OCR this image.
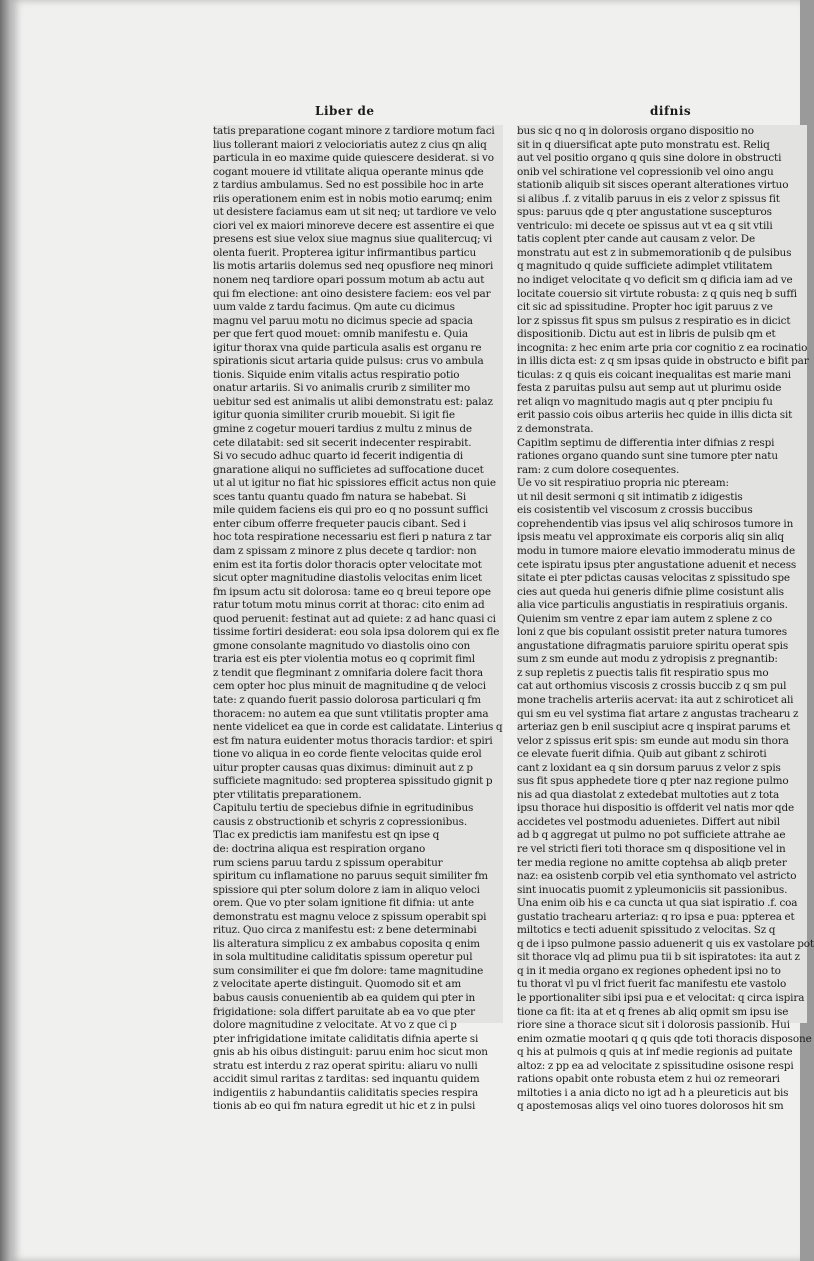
Liber de	difnis
tatis preparatione cogant minore z tardiore motum faci
lius tollerant maiori z velocioriatis autez z cius qn aliq
particula in eo maxime quide quiescere desiderat. si vo
cogant mouere id vtilitate aliqua operante minus qde
z tardius ambulamus. Sed no est possibile hoc in arte
riis operationem enim est in nobis motio earumq; enim
ut desistere faciamus eam ut sit neq; ut tardiore ve velo
ciori vel ex maiori minoreve decere est assentire ei que
presens est siue velox siue magnus siue qualitercuq; vi
olenta fuerit. Propterea igitur infirmantibus particu
lis motis artariis dolemus sed neq opusfiore neq minori
nonem neq tardiore opari possum motum ab actu aut
qui fm electione: ant oino desistere faciem: eos vel par
uum valde z tardu facimus. Qm aute cu dicimus
magnu vel paruu motu no dicimus specie ad spacia
per que fert quod mouet: omnib manifestu e. Quia
igitur thorax vna quide particula asalis est organu re
spirationis sicut artaria quide pulsus: crus vo ambula
tionis. Siquide enim vitalis actus respiratio potio
onatur artariis. Si vo animalis crurib z similiter mo
uebitur sed est animalis ut alibi demonstratu est: palaz
igitur quonia similiter crurib mouebit. Si igit fie
gmine z cogetur moueri tardius z multu z minus de
cete dilatabit: sed sit secerit indecenter respirabit.
Si vo secudo adhuc quarto id fecerit indigentia di
gnaratione aliqui no sufficietes ad suffocatione ducet
ut al ut igitur no fiat hic spissiores efficit actus non quie
sces tantu quantu quado fm natura se habebat. Si
mile quidem faciens eis qui pro eo q no possunt suffici
enter cibum offerre frequeter paucis cibant. Sed i
hoc tota respiratione necessariu est fieri p natura z tar
dam z spissam z minore z plus decete q tardior: non
enim est ita fortis dolor thoracis opter velocitate mot
sicut opter magnitudine diastolis velocitas enim licet
fm ipsum actu sit dolorosa: tame eo q breui tepore ope
ratur totum motu minus corrit at thorac: cito enim ad
quod peruenit: festinat aut ad quiete: z ad hanc quasi ci
tissime fortiri desiderat: eou sola ipsa dolorem qui ex fle
gmone consolante magnitudo vo diastolis oino con
traria est eis pter violentia motus eo q coprimit fiml
z tendit que flegminant z omnifaria dolere facit thora
cem opter hoc plus minuit de magnitudine q de veloci
tate: z quando fuerit passio dolorosa particulari q fm
thoracem: no autem ea que sunt vtilitatis propter ama
nente videlicet ea que in corde est calidatate. Linterius q
est fm natura euidenter motus thoracis tardior: et spiri
tione vo aliqua in eo corde fiente velocitas quide erol
uitur propter causas quas diximus: diminuit aut z p
sufficiete magnitudo: sed propterea spissitudo gignit p
pter vtilitatis preparationem.
Capitulu tertiu de speciebus difnie in egritudinibus
causis z obstructionib et schyris z copressionibus.
Tlac ex predictis iam manifestu est qn ipse q
de: doctrina aliqua est respiration organo
rum sciens paruu tardu z spissum operabitur
spiritum cu inflamatione no paruus sequit similiter fm
spissiore qui pter solum dolore z iam in aliquo veloci
orem. Que vo pter solam ignitione fit difnia: ut ante
demonstratu est magnu veloce z spissum operabit spi
rituz. Quo circa z manifestu est: z bene determinabi
lis alteratura simplicu z ex ambabus coposita q enim
in sola multitudine caliditatis spissum operetur pul
sum consimiliter ei que fm dolore: tame magnitudine
z velocitate aperte distinguit. Quomodo sit et am
babus causis conuenientib ab ea quidem qui pter in
frigidatione: sola differt paruitate ab ea vo que pter
dolore magnitudine z velocitate. At vo z que ci p
pter infrigidatione imitate caliditatis difnia aperte si
gnis ab his oibus distinguit: paruu enim hoc sicut mon
stratu est interdu z raz operat spiritu: aliaru vo nulli
accidit simul raritas z tarditas: sed inquantu quidem
indigentiis z habundantiis caliditatis species respira
tionis ab eo qui fm natura egredit ut hic et z in pulsi
bus sic q no q in dolorosis organo dispositio no
sit in q diuersificat apte puto monstratu est. Reliq
aut vel positio organo q quis sine dolore in obstructi
onib vel schiratione vel copressionib vel oino angu
stationib aliquib sit sisces operant alterationes virtuo
si alibus .f. z vitalib paruus in eis z velor z spissus fit
spus: paruus qde q pter angustatione suscepturos
ventriculo: mi decete oe spissus aut vt ea q sit vtili
tatis coplent pter cande aut causam z velor. De
monstratu aut est z in submemorationib q de pulsibus
q magnitudo q quide sufficiete adimplet vtilitatem
no indiget velocitate q vo deficit sm q dificia iam ad ve
locitate couersio sit virtute robusta: z q quis neq b suffi
cit sic ad spissitudine. Propter hoc igit paruus z ve
lor z spissus fit spus sm pulsus z respiratio es in dicict
dispositionib. Dictu aut est in libris de pulsib qm et
incognita: z hec enim arte pria cor cognitio z ea rocinatio
in illis dicta est: z q sm ipsas quide in obstructo e bifit par
ticulas: z q quis eis coicant inequalitas est marie mani
festa z paruitas pulsu aut semp aut ut plurimu oside
ret aliqn vo magnitudo magis aut q pter pncipiu fu
erit passio cois oibus arteriis hec quide in illis dicta sit
z demonstrata.
Capitlm septimu de differentia inter difnias z respi
rationes organo quando sunt sine tumore pter natu
ram: z cum dolore cosequentes.
Ue vo sit respiratiuo propria nic pteream:
ut nil desit sermoni q sit intimatib z idigestis
eis cosistentib vel viscosum z crossis buccibus
coprehendentib vias ipsus vel aliq schirosos tumore in
ipsis meatu vel approximate eis corporis aliq sin aliq
modu in tumore maiore elevatio immoderatu minus de
cete ispiratu ipsus pter angustatione aduenit et necess
sitate ei pter pdictas causas velocitas z spissitudo spe
cies aut queda hui generis difnie plime cosistunt alis
alia vice particulis angustiatis in respiratiuis organis.
Quienim sm ventre z epar iam autem z splene z co
loni z que bis copulant ossistit preter natura tumores
angustatione difragmatis paruiore spiritu operat spis
sum z sm eunde aut modu z ydropisis z pregnantib:
z sup repletis z puectis talis fit respiratio spus mo
cat aut orthomius viscosis z crossis buccib z q sm pul
mone trachelis arteriis acervat: ita aut z schiroticet ali
qui sm eu vel systima fiat artare z angustas trachearu z
arteriaz gen b enil suscipiut acre q inspirat parums et
velor z spissus erit spis: sm eunde aut modu sin thora
ce elevate fuerit difnia. Quib aut gibant z schiroti
cant z loxidant ea q sin dorsum paruus z velor z spis
sus fit spus apphedete tiore q pter naz regione pulmo
nis ad qua diastolat z extedebat multoties aut z tota
ipsu thorace hui dispositio is offderit vel natis mor qde
accidetes vel postmodu aduenietes. Differt aut nibil
ad b q aggregat ut pulmo no pot sufficiete attrahe ae
re vel stricti fieri toti thorace sm q dispositione vel in
ter media regione no amitte coptehsa ab aliqb preter
naz: ea osistenb corpib vel etia synthomato vel astricto
sint inuocatis puomit z ypleumoniciis sit passionibus.
Una enim oib his e ca cuncta ut qua siat ispiratio .f. coa
gustatio trachearu arteriaz: q ro ipsa e pua: ppterea et
miltotics e tecti aduenit spissitudo z velocitas. Sz q
q de i ipso pulmone passio aduenerit q uis ex vastolare pot
sit thorace vlq ad plimu pua tii b sit ispiratotes: ita aut z
q in it media organo ex regiones ophedent ipsi no to
tu thorat vl pu vl frict fuerit fac manifestu ete vastolo
le pportionaliter sibi ipsi pua e et velocitat: q circa ispira
tione ca fit: ita at et q frenes ab aliq opmit sm ipsu ise
riore sine a thorace sicut sit i dolorosis passionib. Hui
enim ozmatie mootari q q quis qde toti thoracis disposone
q his at pulmois q quis at inf medie regionis ad puitate
altoz: z pp ea ad velocitate z spissitudine osisone respi
rations opabit onte robusta etem z hui oz remeorari
miltoties i a ania dicto no igt ad h a pleureticis aut bis
q apostemosas aliqs vel oino tuores dolorosos hit sm
